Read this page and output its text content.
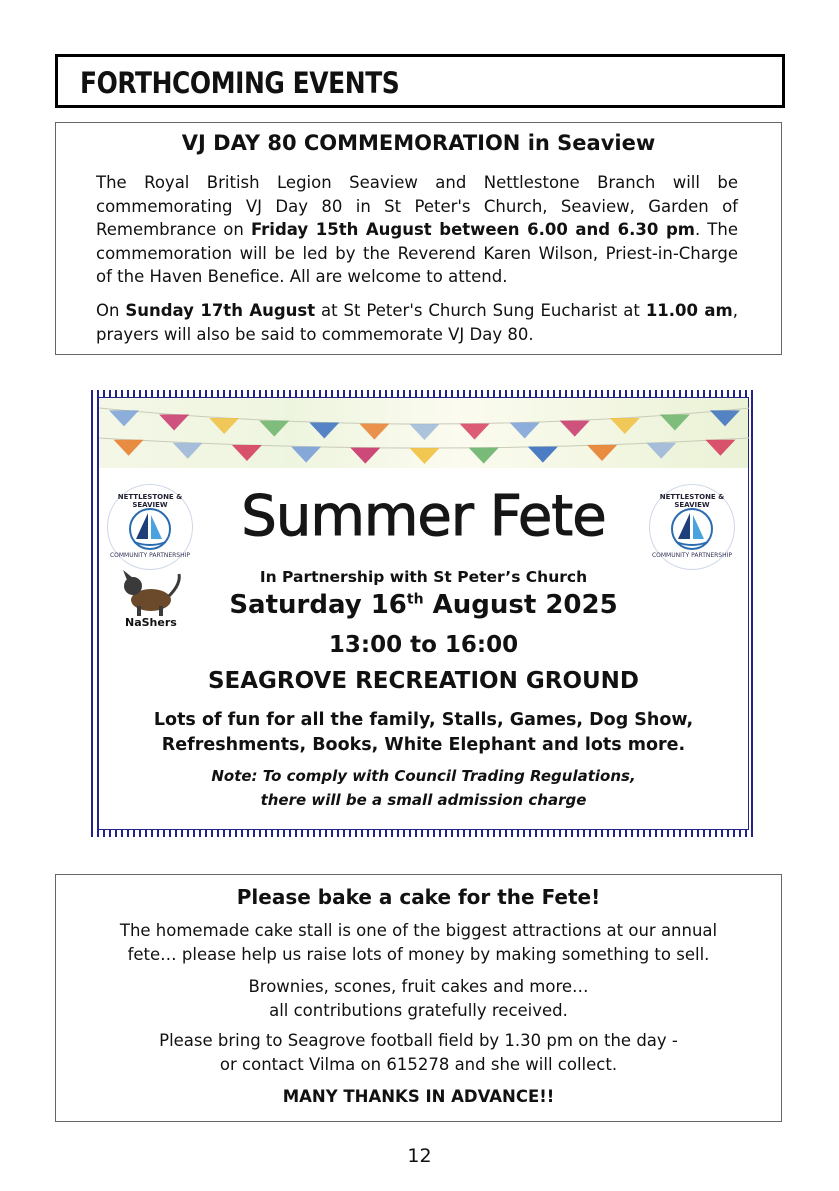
FORTHCOMING EVENTS
VJ DAY 80 COMMEMORATION in Seaview

The Royal British Legion Seaview and Nettlestone Branch will be commemorating VJ Day 80 in St Peter's Church, Seaview, Garden of Remembrance on Friday 15th August between 6.00 and 6.30 pm. The commemoration will be led by the Reverend Karen Wilson, Priest-in-Charge of the Haven Benefice. All are welcome to attend.

On Sunday 17th August at St Peter's Church Sung Eucharist at 11.00 am, prayers will also be said to commemorate VJ Day 80.

NETTLESTONE & SEAVIEW
COMMUNITY PARTNERSHIP
NETTLESTONE & SEAVIEW
COMMUNITY PARTNERSHIP
NaShers
Summer Fete
In Partnership with St Peter’s Church
Saturday 16th August 2025
13:00 to 16:00
SEAGROVE RECREATION GROUND
Lots of fun for all the family, Stalls, Games, Dog Show,
Refreshments, Books, White Elephant and lots more.
Note: To comply with Council Trading Regulations,
there will be a small admission charge
Please bake a cake for the Fete!
The homemade cake stall is one of the biggest attractions at our annual
fete… please help us raise lots of money by making something to sell.
Brownies, scones, fruit cakes and more…
all contributions gratefully received.
Please bring to Seagrove football field by 1.30 pm on the day -
or contact Vilma on 615278 and she will collect.
MANY THANKS IN ADVANCE!!
12
